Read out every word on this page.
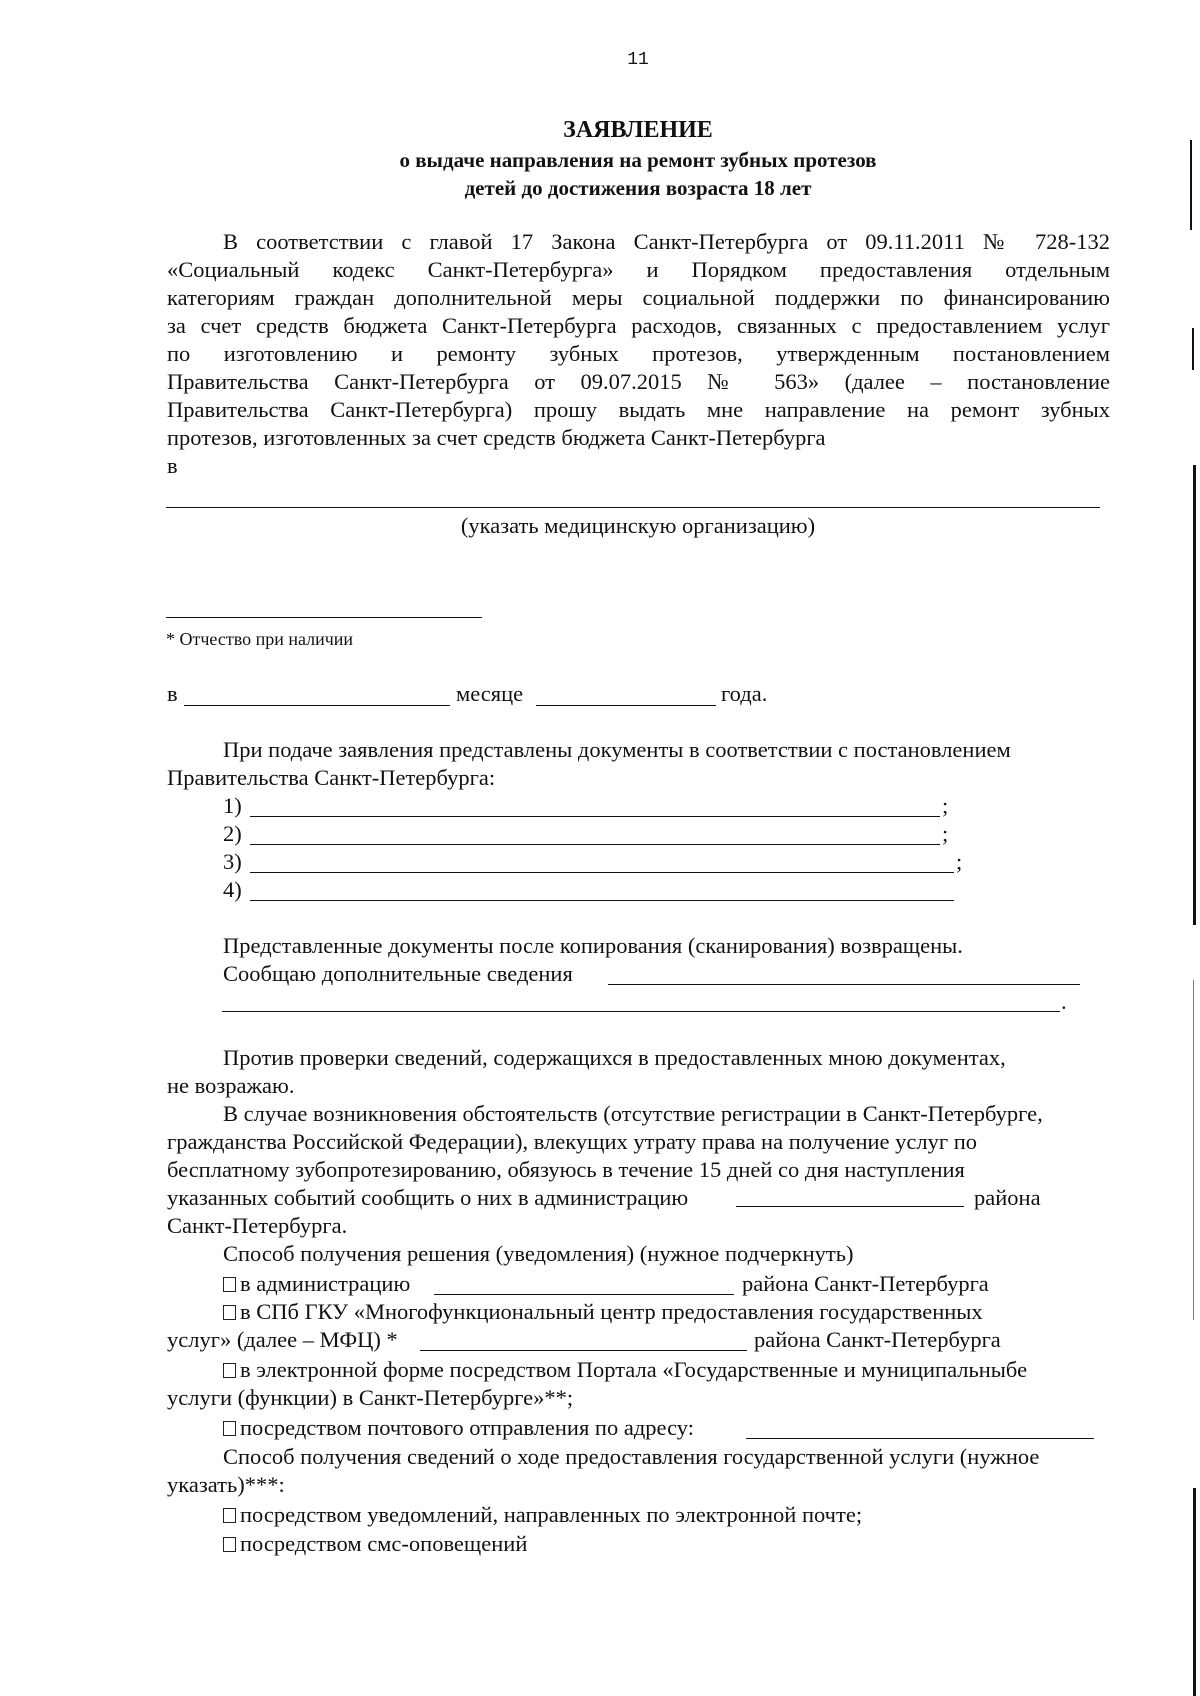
11
ЗАЯВЛЕНИЕ
о выдаче направления на ремонт зубных протезов
детей до достижения возраста 18 лет
В соответствии с главой 17 Закона Санкт-Петербурга от 09.11.2011 № 728-132
«Социальный кодекс Санкт-Петербурга» и Порядком предоставления отдельным
категориям граждан дополнительной меры социальной поддержки по финансированию
за счет средств бюджета Санкт-Петербурга расходов, связанных с предоставлением услуг
по изготовлению и ремонту зубных протезов, утвержденным постановлением
Правительства Санкт-Петербурга от 09.07.2015 № 563» (далее – постановление
Правительства Санкт-Петербурга) прошу выдать мне направление на ремонт зубных
протезов, изготовленных за счет средств бюджета Санкт-Петербурга
в
(указать медицинскую организацию)
* Отчество при наличии
в	месяце	года.
При подаче заявления представлены документы в соответствии с постановлением
Правительства Санкт-Петербурга:
1)	;
2)	;
3)	;
4)
Представленные документы после копирования (сканирования) возвращены.
Сообщаю дополнительные сведения
.
Против проверки сведений, содержащихся в предоставленных мною документах,
не возражаю.
В случае возникновения обстоятельств (отсутствие регистрации в Санкт-Петербурге,
гражданства Российской Федерации), влекущих утрату права на получение услуг по
бесплатному зубопротезированию, обязуюсь в течение 15 дней со дня наступления
указанных событий сообщить о них в администрацию	района
Санкт-Петербурга.
Способ получения решения (уведомления) (нужное подчеркнуть)
в администрацию	района Санкт-Петербурга
в СПб ГКУ «Многофункциональный центр предоставления государственных
услуг» (далее – МФЦ) *	района Санкт-Петербурга
в электронной форме посредством Портала «Государственные и муниципальныбе
услуги (функции) в Санкт-Петербурге»**;
посредством почтового отправления по адресу:
Способ получения сведений о ходе предоставления государственной услуги (нужное
указать)***:
посредством уведомлений, направленных по электронной почте;
посредством смс-оповещений
